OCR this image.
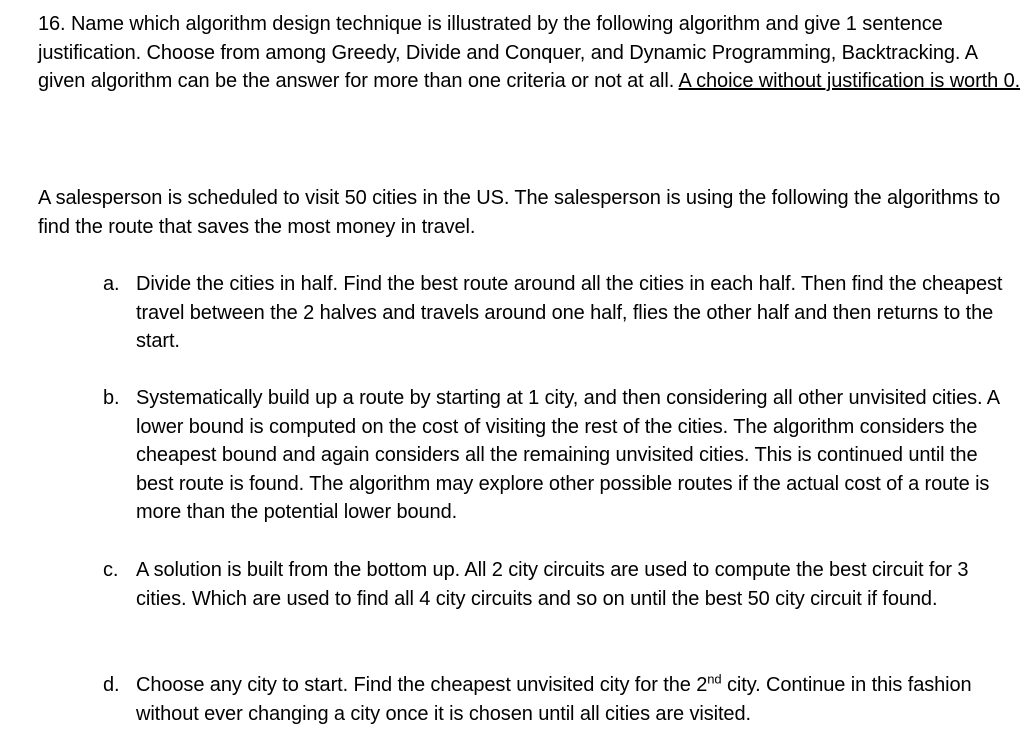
16. Name which algorithm design technique is illustrated by the following algorithm and give 1 sentence justification. Choose from among Greedy, Divide and Conquer, and Dynamic Programming, Backtracking. A given algorithm can be the answer for more than one criteria or not at all. A choice without justification is worth 0.

A salesperson is scheduled to visit 50 cities in the US. The salesperson is using the following the algorithms to find the route that saves the most money in travel.

a. Divide the cities in half. Find the best route around all the cities in each half. Then find the cheapest travel between the 2 halves and travels around one half, flies the other half and then returns to the start.
b. Systematically build up a route by starting at 1 city, and then considering all other unvisited cities. A lower bound is computed on the cost of visiting the rest of the cities. The algorithm considers the cheapest bound and again considers all the remaining unvisited cities. This is continued until the best route is found. The algorithm may explore other possible routes if the actual cost of a route is more than the potential lower bound.
c. A solution is built from the bottom up. All 2 city circuits are used to compute the best circuit for 3 cities. Which are used to find all 4 city circuits and so on until the best 50 city circuit if found.
d. Choose any city to start. Find the cheapest unvisited city for the 2nd city. Continue in this fashion without ever changing a city once it is chosen until all cities are visited.
